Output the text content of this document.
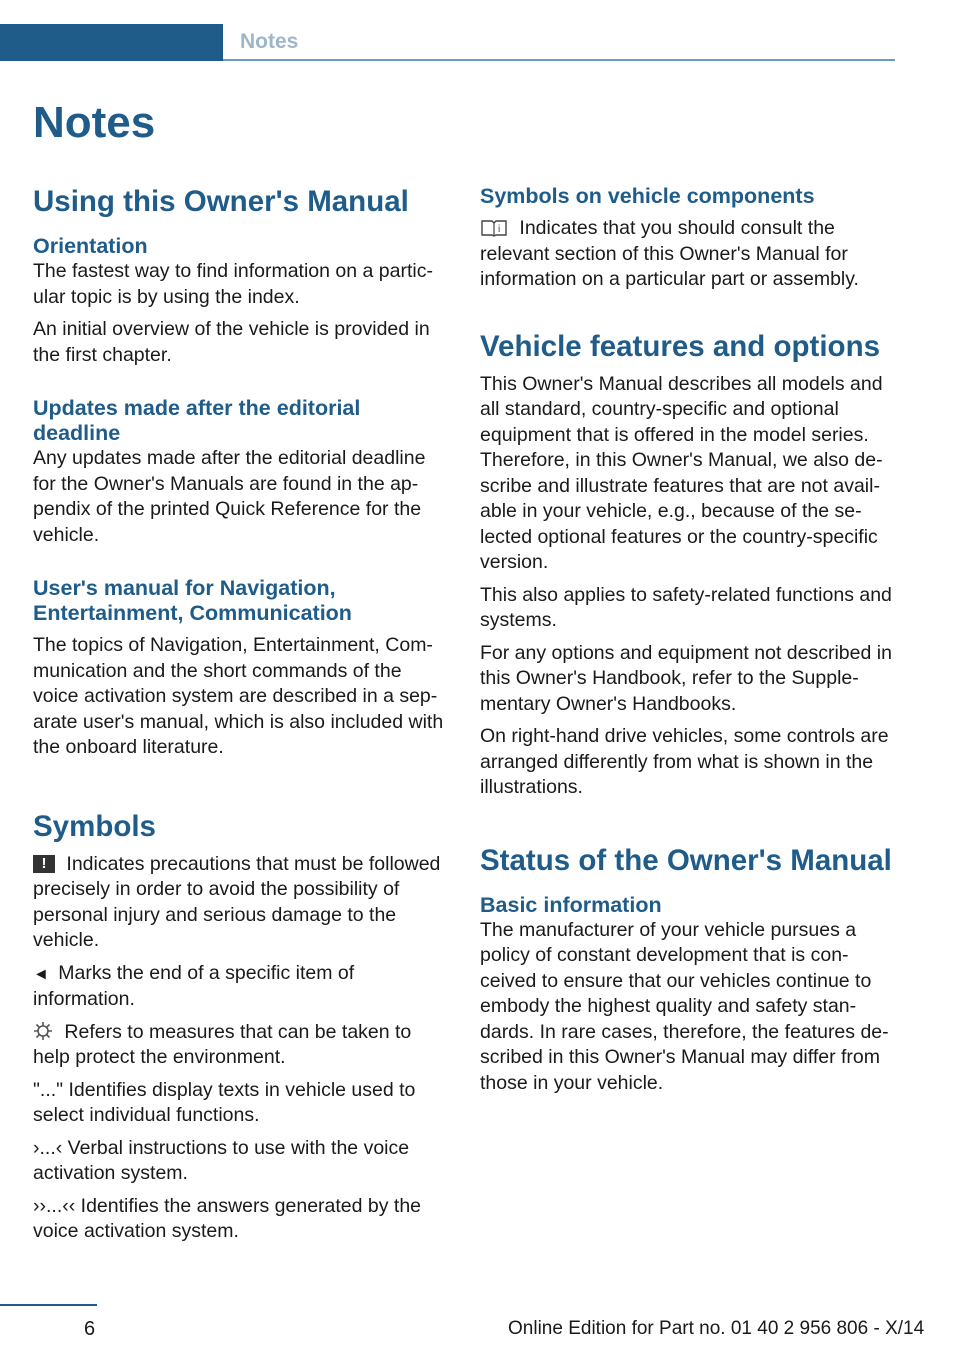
Notes
Notes
Using this Owner's Manual
Orientation

The fastest way to find information on a partic‐ular topic is by using the index.

An initial overview of the vehicle is provided in the first chapter.

Updates made after the editorial deadline

Any updates made after the editorial deadline for the Owner's Manuals are found in the ap‐pendix of the printed Quick Reference for the vehicle.

User's manual for Navigation, Entertainment, Communication

The topics of Navigation, Entertainment, Com‐munication and the short commands of the voice activation system are described in a sep‐arate user's manual, which is also included with the onboard literature.

Symbols

! Indicates precautions that must be followed precisely in order to avoid the possibility of personal injury and serious damage to the vehicle.

◄ Marks the end of a specific item of information.

Refers to measures that can be taken to help protect the environment.

"..." Identifies display texts in vehicle used to select individual functions.

›...‹ Verbal instructions to use with the voice activation system.

››...‹‹ Identifies the answers generated by the voice activation system.

Symbols on vehicle components

i Indicates that you should consult the relevant section of this Owner's Manual for information on a particular part or assembly.

Vehicle features and options

This Owner's Manual describes all models and all standard, country-specific and optional equipment that is offered in the model series. Therefore, in this Owner's Manual, we also de‐scribe and illustrate features that are not avail‐able in your vehicle, e.g., because of the se‐lected optional features or the country-specific version.

This also applies to safety-related functions and systems.

For any options and equipment not described in this Owner's Handbook, refer to the Supple‐mentary Owner's Handbooks.

On right-hand drive vehicles, some controls are arranged differently from what is shown in the illustrations.

Status of the Owner's Manual
Basic information

The manufacturer of your vehicle pursues a policy of constant development that is con‐ceived to ensure that our vehicles continue to embody the highest quality and safety stan‐dards. In rare cases, therefore, the features de‐scribed in this Owner's Manual may differ from those in your vehicle.

6	Online Edition for Part no. 01 40 2 956 806 - X/14
